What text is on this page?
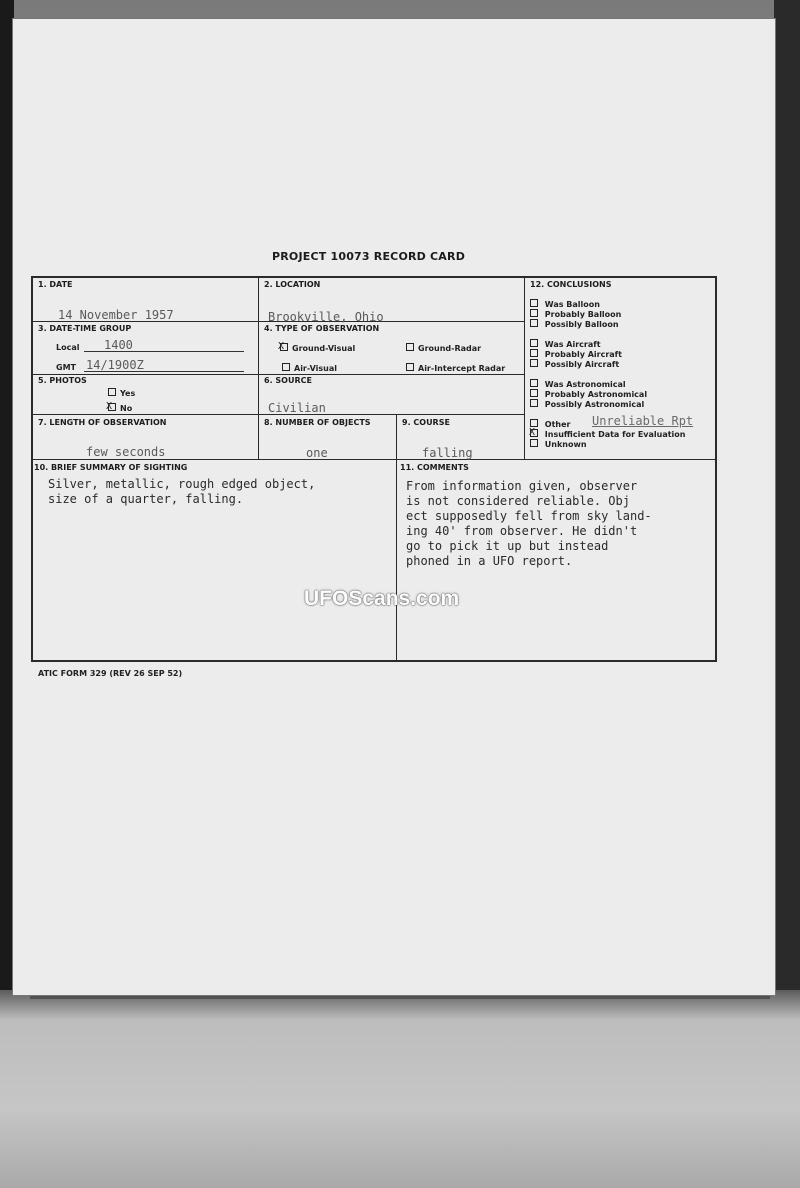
PROJECT 10073 RECORD CARD
1. DATE
14 November 1957
2. LOCATION
Brookville, Ohio
3. DATE-TIME GROUP
Local 1400
GMT 14/1900Z
4. TYPE OF OBSERVATION
Ground-Visual
X	Ground-Radar
Air-Visual	Air-Intercept Radar
5. PHOTOS
Yes
No
X
6. SOURCE
Civilian
7. LENGTH OF OBSERVATION
few seconds
8. NUMBER OF OBJECTS
one
9. COURSE
falling
10. BRIEF SUMMARY OF SIGHTING
Silver, metallic, rough edged object,
size of a quarter, falling.
11. COMMENTS
From information given, observer
is not considered reliable. Obj
ect supposedly fell from sky land-
ing 40' from observer. He didn't
go to pick it up but instead
phoned in a UFO report.
12. CONCLUSIONS
Was Balloon
Probably Balloon
Possibly Balloon
Was Aircraft
Probably Aircraft
Possibly Aircraft
Was Astronomical
Probably Astronomical
Possibly Astronomical
Other Unreliable Rpt
Insufficient Data for Evaluation
X
Unknown
UFOScans.com
ATIC FORM 329 (REV 26 SEP 52)
